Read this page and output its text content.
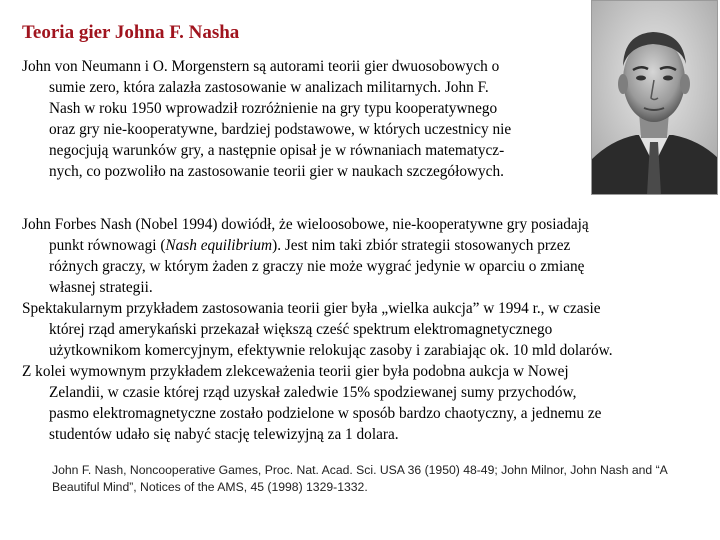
Teoria gier Johna F. Nasha
John von Neumann i O. Morgenstern są autorami teorii gier dwuosobowych o
sumie zero, która zalazła zastosowanie w analizach militarnych. John F.
Nash w roku 1950 wprowadził rozróżnienie na gry typu kooperatywnego
oraz gry nie-kooperatywne, bardziej podstawowe, w których uczestnicy nie
negocjują warunków gry, a następnie opisał je w równaniach matematycz-
nych, co pozwoliło na zastosowanie teorii gier w naukach szczegółowych.
John Forbes Nash (Nobel 1994) dowiódł, że wieloosobowe, nie-kooperatywne gry posiadają
punkt równowagi (Nash equilibrium). Jest nim taki zbiór strategii stosowanych przez
różnych graczy, w którym żaden z graczy nie może wygrać jedynie w oparciu o zmianę
własnej strategii.
Spektakularnym przykładem zastosowania teorii gier była „wielka aukcja” w 1994 r., w czasie
której rząd amerykański przekazał większą cześć spektrum elektromagnetycznego
użytkownikom komercyjnym, efektywnie relokując zasoby i zarabiając ok. 10 mld dolarów.
Z kolei wymownym przykładem zlekceważenia teorii gier była podobna aukcja w Nowej
Zelandii, w czasie której rząd uzyskał zaledwie 15% spodziewanej sumy przychodów,
pasmo elektromagnetyczne zostało podzielone w sposób bardzo chaotyczny, a jednemu ze
studentów udało się nabyć stację telewizyjną za 1 dolara.
John F. Nash, Noncooperative Games, Proc. Nat. Acad. Sci. USA 36 (1950) 48-49; John Milnor, John Nash and “A
Beautiful Mind”, Notices of the AMS, 45 (1998) 1329-1332.
